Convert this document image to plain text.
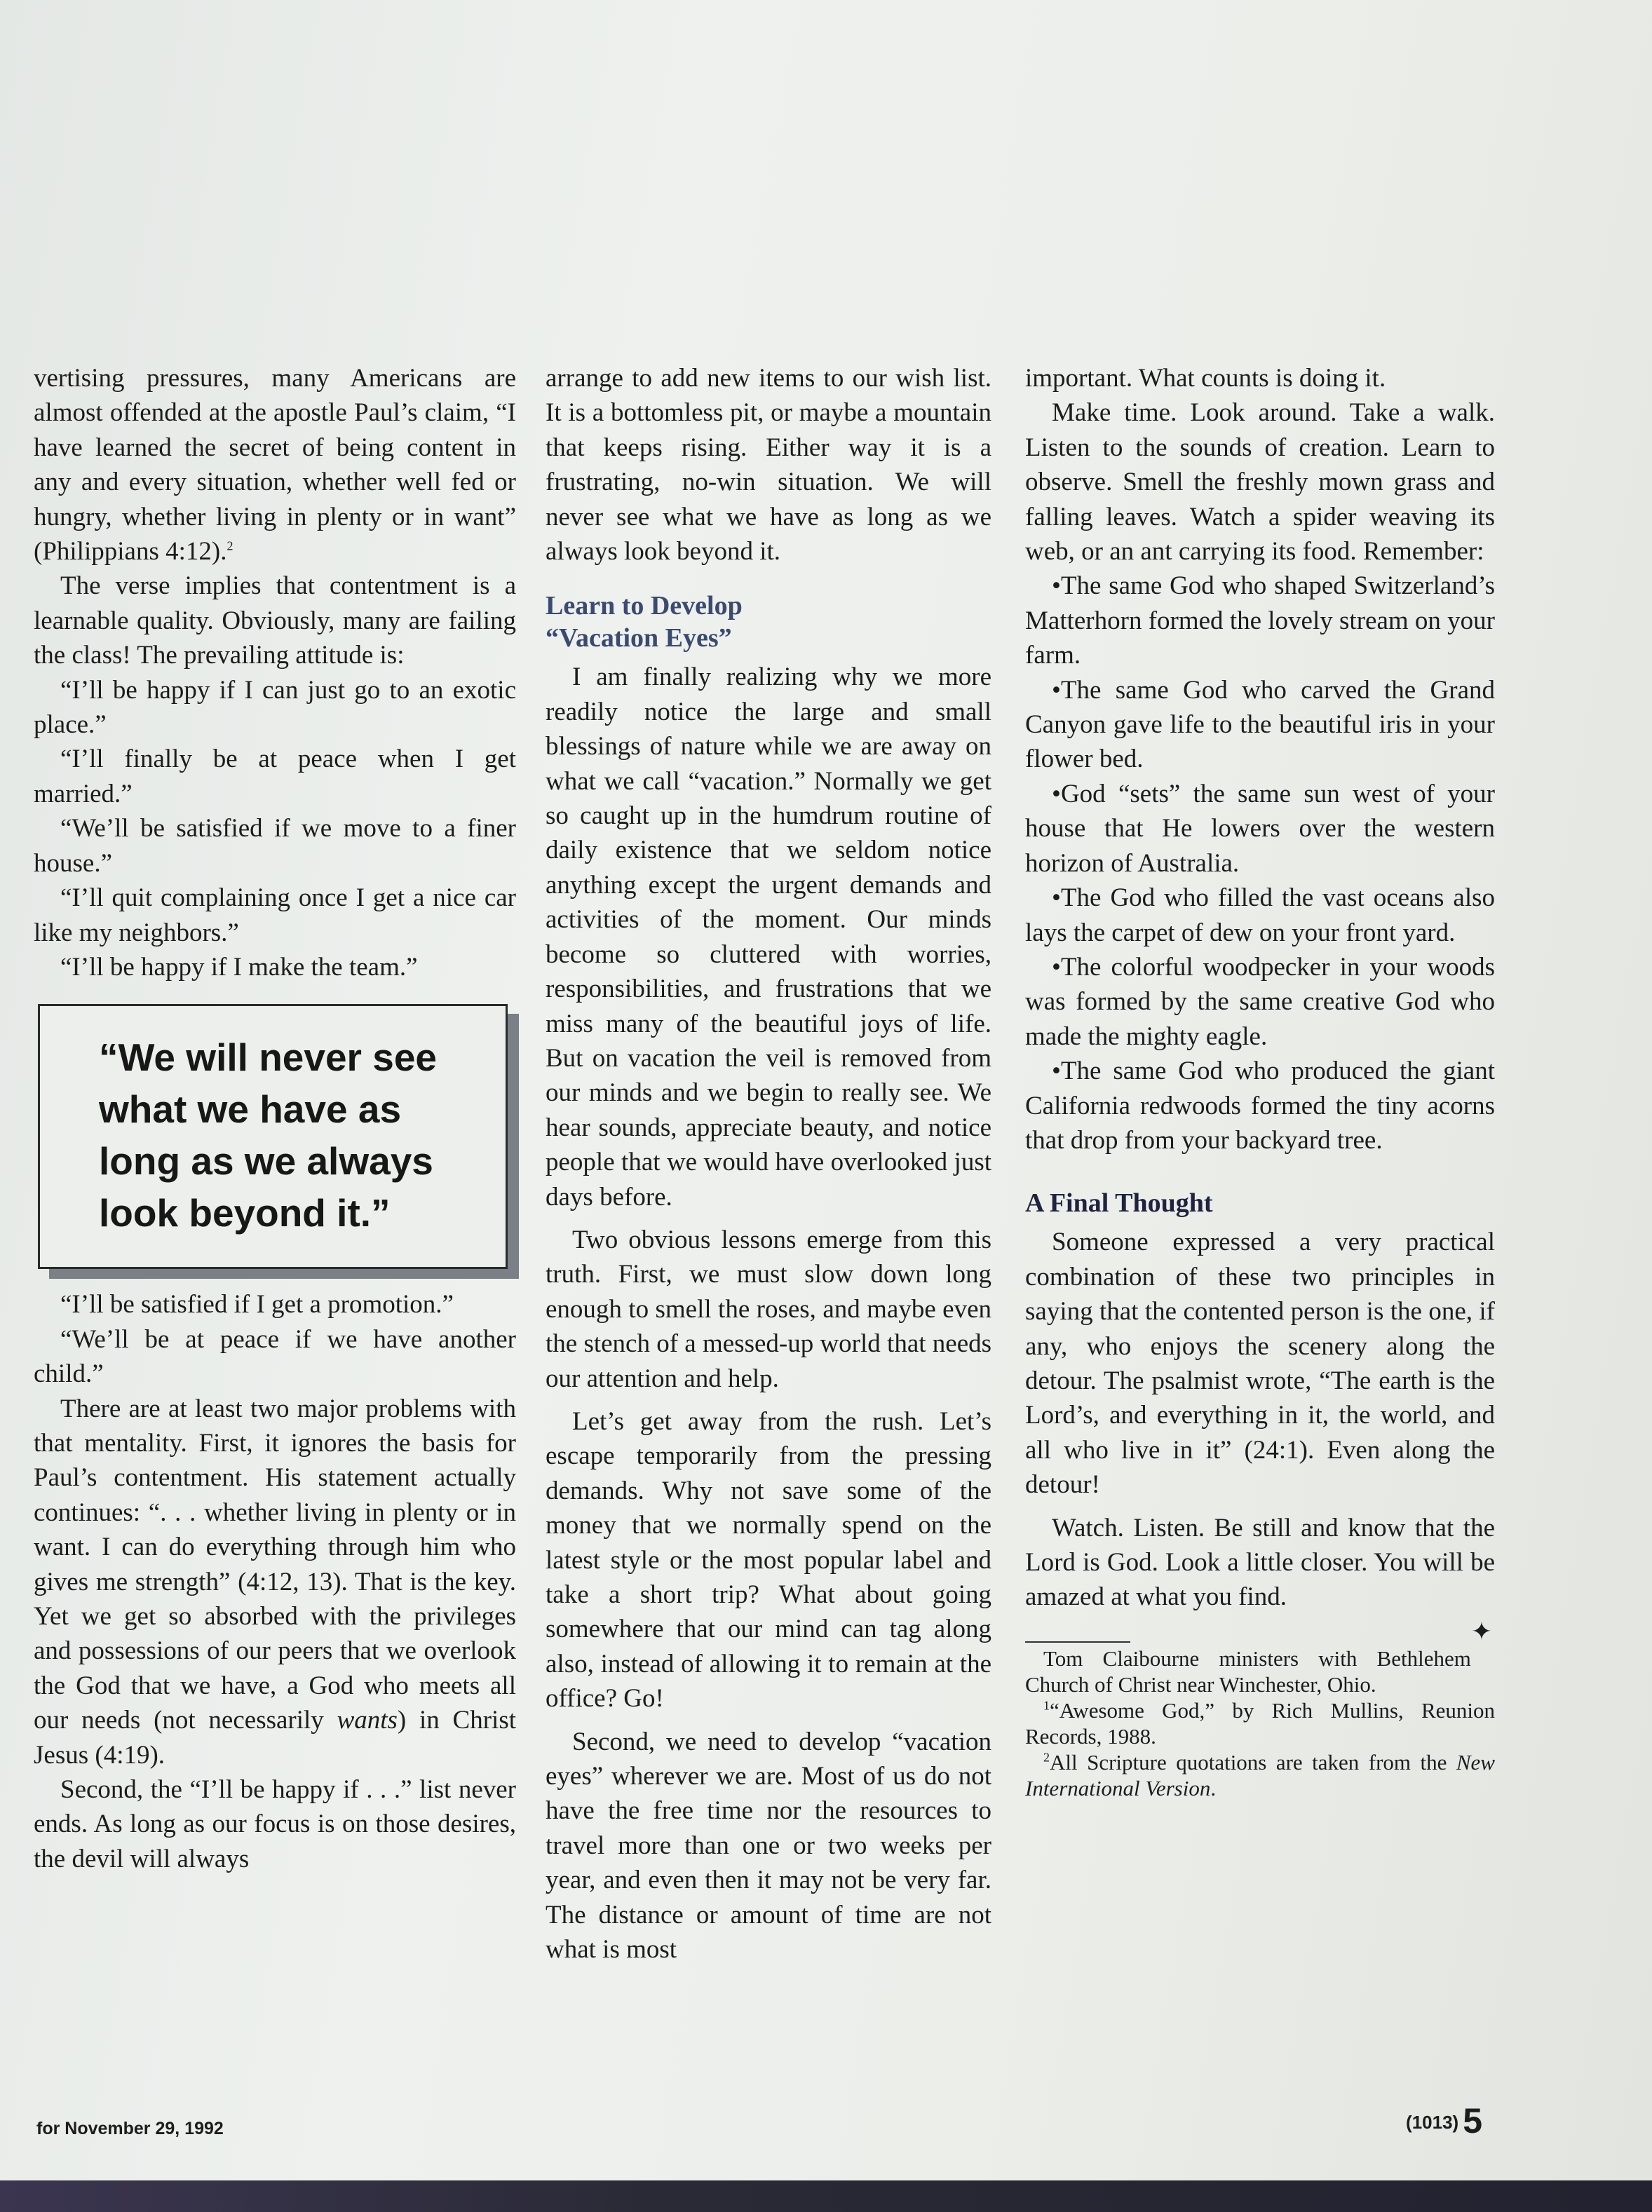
vertising pressures, many Americans are almost offended at the apostle Paul’s claim, “I have learned the secret of being content in any and every situation, whether well fed or hungry, whether living in plenty or in want” (Philippians 4:12).$^2$

The verse implies that contentment is a learnable quality. Obviously, many are failing the class! The prevailing attitude is:

“I’ll be happy if I can just go to an exotic place.”

“I’ll finally be at peace when I get married.”

“We’ll be satisfied if we move to a finer house.”

“I’ll quit complaining once I get a nice car like my neighbors.”

“I’ll be happy if I make the team.”

“We will never see what we have as long as we always look beyond it.”

“I’ll be satisfied if I get a promotion.”

“We’ll be at peace if we have another child.”

There are at least two major problems with that mentality. First, it ignores the basis for Paul’s contentment. His statement actually continues: “. . . whether living in plenty or in want. I can do everything through him who gives me strength” (4:12, 13). That is the key. Yet we get so absorbed with the privileges and possessions of our peers that we overlook the God that we have, a God who meets all our needs (not necessarily wants) in Christ Jesus (4:19).

Second, the “I’ll be happy if . . .” list never ends. As long as our focus is on those desires, the devil will always

arrange to add new items to our wish list. It is a bottomless pit, or maybe a mountain that keeps rising. Either way it is a frustrating, no-win situation. We will never see what we have as long as we always look beyond it.

Learn to Develop
“Vacation Eyes”

I am finally realizing why we more readily notice the large and small blessings of nature while we are away on what we call “vacation.” Normally we get so caught up in the humdrum routine of daily existence that we seldom notice anything except the urgent demands and activities of the moment. Our minds become so cluttered with worries, responsibilities, and frustrations that we miss many of the beautiful joys of life. But on vacation the veil is removed from our minds and we begin to really see. We hear sounds, appreciate beauty, and notice people that we would have overlooked just days before.

Two obvious lessons emerge from this truth. First, we must slow down long enough to smell the roses, and maybe even the stench of a messed-up world that needs our attention and help.

Let’s get away from the rush. Let’s escape temporarily from the pressing demands. Why not save some of the money that we normally spend on the latest style or the most popular label and take a short trip? What about going somewhere that our mind can tag along also, instead of allowing it to remain at the office? Go!

Second, we need to develop “vacation eyes” wherever we are. Most of us do not have the free time nor the resources to travel more than one or two weeks per year, and even then it may not be very far. The distance or amount of time are not what is most

important. What counts is doing it.

Make time. Look around. Take a walk. Listen to the sounds of creation. Learn to observe. Smell the freshly mown grass and falling leaves. Watch a spider weaving its web, or an ant carrying its food. Remember:

•The same God who shaped Switzerland’s Matterhorn formed the lovely stream on your farm.

•The same God who carved the Grand Canyon gave life to the beautiful iris in your flower bed.

•God “sets” the same sun west of your house that He lowers over the western horizon of Australia.

•The God who filled the vast oceans also lays the carpet of dew on your front yard.

•The colorful woodpecker in your woods was formed by the same creative God who made the mighty eagle.

•The same God who produced the giant California redwoods formed the tiny acorns that drop from your backyard tree.

A Final Thought

Someone expressed a very practical combination of these two principles in saying that the contented person is the one, if any, who enjoys the scenery along the detour. The psalmist wrote, “The earth is the Lord’s, and everything in it, the world, and all who live in it” (24:1). Even along the detour!

Watch. Listen. Be still and know that the Lord is God. Look a little closer. You will be amazed at what you find.

✦

Tom Claibourne ministers with Bethlehem Church of Christ near Winchester, Ohio.

$^1$“Awesome God,” by Rich Mullins, Reunion Records, 1988.

$^2$All Scripture quotations are taken from the New International Version.

for November 29, 1992	(1013) 5
